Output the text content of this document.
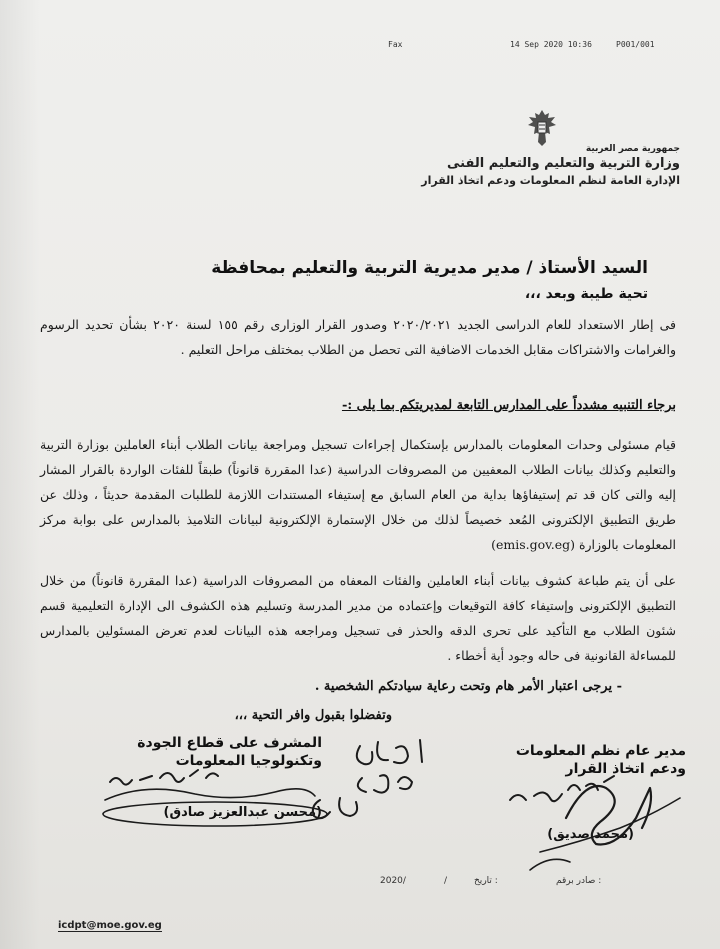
Fax	14 Sep 2020 10:36	P001/001
جمهورية مصر العربية
وزارة التربية والتعليم والتعليم الفنى
الإدارة العامة لنظم المعلومات ودعم اتخاذ القرار
السيد الأستاذ / مدير مديرية التربية والتعليم بمحافظة
تحية طيبة وبعد ،،،
فى إطار الاستعداد للعام الدراسى الجديد ٢٠٢٠/٢٠٢١ وصدور القرار الوزارى رقم ١٥٥ لسنة ٢٠٢٠ بشأن تحديد الرسوم والغرامات والاشتراكات مقابل الخدمات الاضافية التى تحصل من الطلاب بمختلف مراحل التعليم .
برجاء التنبيه مشدداً على المدارس التابعة لمديريتكم بما يلى :-
قيام مسئولى وحدات المعلومات بالمدارس بإستكمال إجراءات تسجيل ومراجعة بيانات الطلاب أبناء العاملين بوزارة التربية والتعليم وكذلك بيانات الطلاب المعفيين من المصروفات الدراسية (عدا المقررة قانوناً) طبقاً للفئات الواردة بالقرار المشار إليه والتى كان قد تم إستيفاؤها بداية من العام السابق مع إستيفاء المستندات اللازمة للطلبات المقدمة حديثاً ، وذلك عن طريق التطبيق الإلكترونى المُعد خصيصاً لذلك من خلال الإستمارة الإلكترونية لبيانات التلاميذ بالمدارس على بوابة مركز المعلومات بالوزارة (emis.gov.eg)
على أن يتم طباعة كشوف بيانات أبناء العاملين والفئات المعفاه من المصروفات الدراسية (عدا المقررة قانوناً) من خلال التطبيق الإلكترونى وإستيفاء كافة التوقيعات وإعتماده من مدير المدرسة وتسليم هذه الكشوف الى الإدارة التعليمية قسم شئون الطلاب مع التأكيد على تحرى الدقه والحذر فى تسجيل ومراجعه هذه البيانات لعدم تعرض المسئولين بالمدارس للمساءلة القانونية فى حاله وجود أية أخطاء .
- يرجى اعتبار الأمر هام وتحت رعاية سيادتكم الشخصية .
وتفضلوا بقبول وافر التحية ،،،
مدير عام نظم المعلومات
ودعم اتخاذ القرار
(محمد صديق)
المشرف على قطاع الجودة
وتكنولوجيا المعلومات
(محسن عبدالعزيز صادق)
2020/	/	تاريخ :	صادر برقم :
icdpt@moe.gov.eg
